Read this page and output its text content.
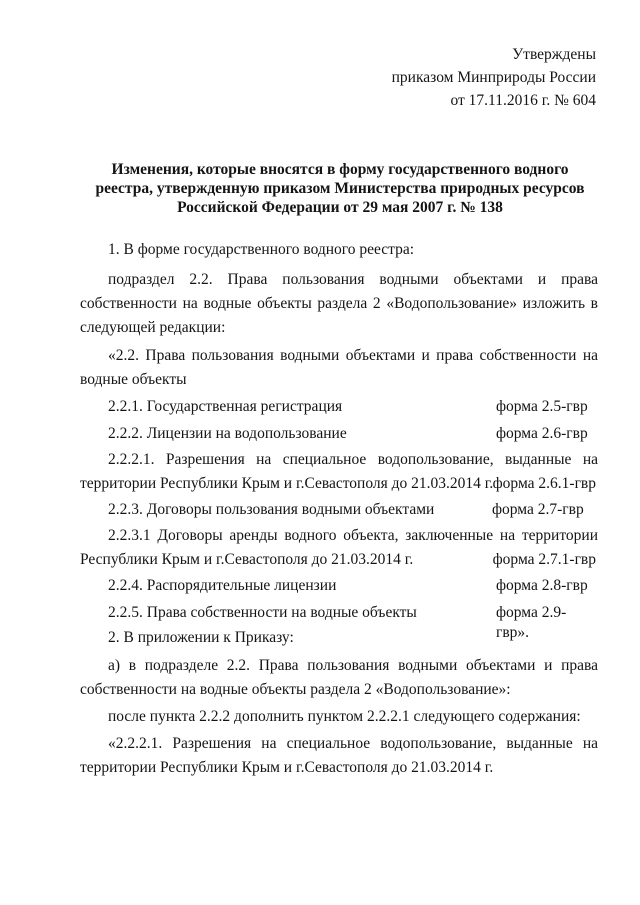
Утверждены
приказом Минприроды России
от 17.11.2016 г. № 604
Изменения, которые вносятся в форму государственного водного
реестра, утвержденную приказом Министерства природных ресурсов
Российской Федерации от 29 мая 2007 г. № 138
1. В форме государственного водного реестра:
подраздел 2.2. Права пользования водными объектами и права
собственности на водные объекты раздела 2 «Водопользование» изложить в
следующей редакции:
«2.2. Права пользования водными объектами и права собственности на
водные объекты
2.2.1. Государственная регистрация	форма 2.5-гвр
2.2.2. Лицензии на водопользование	форма 2.6-гвр
2.2.2.1. Разрешения на специальное водопользование, выданные на
территории Республики Крым и г.Севастополя до 21.03.2014 г. форма 2.6.1-гвр
2.2.3. Договоры пользования водными объектами	форма 2.7-гвр
2.2.3.1 Договоры аренды водного объекта, заключенные на территории
Республики Крым и г.Севастополя до 21.03.2014 г.	форма 2.7.1-гвр
2.2.4. Распорядительные лицензии	форма 2.8-гвр
2.2.5. Права собственности на водные объекты	форма 2.9-гвр».
2. В приложении к Приказу:
а) в подразделе 2.2. Права пользования водными объектами и права
собственности на водные объекты раздела 2 «Водопользование»:
после пункта 2.2.2 дополнить пунктом 2.2.2.1 следующего содержания:
«2.2.2.1. Разрешения на специальное водопользование, выданные на
территории Республики Крым и г.Севастополя до 21.03.2014 г.
